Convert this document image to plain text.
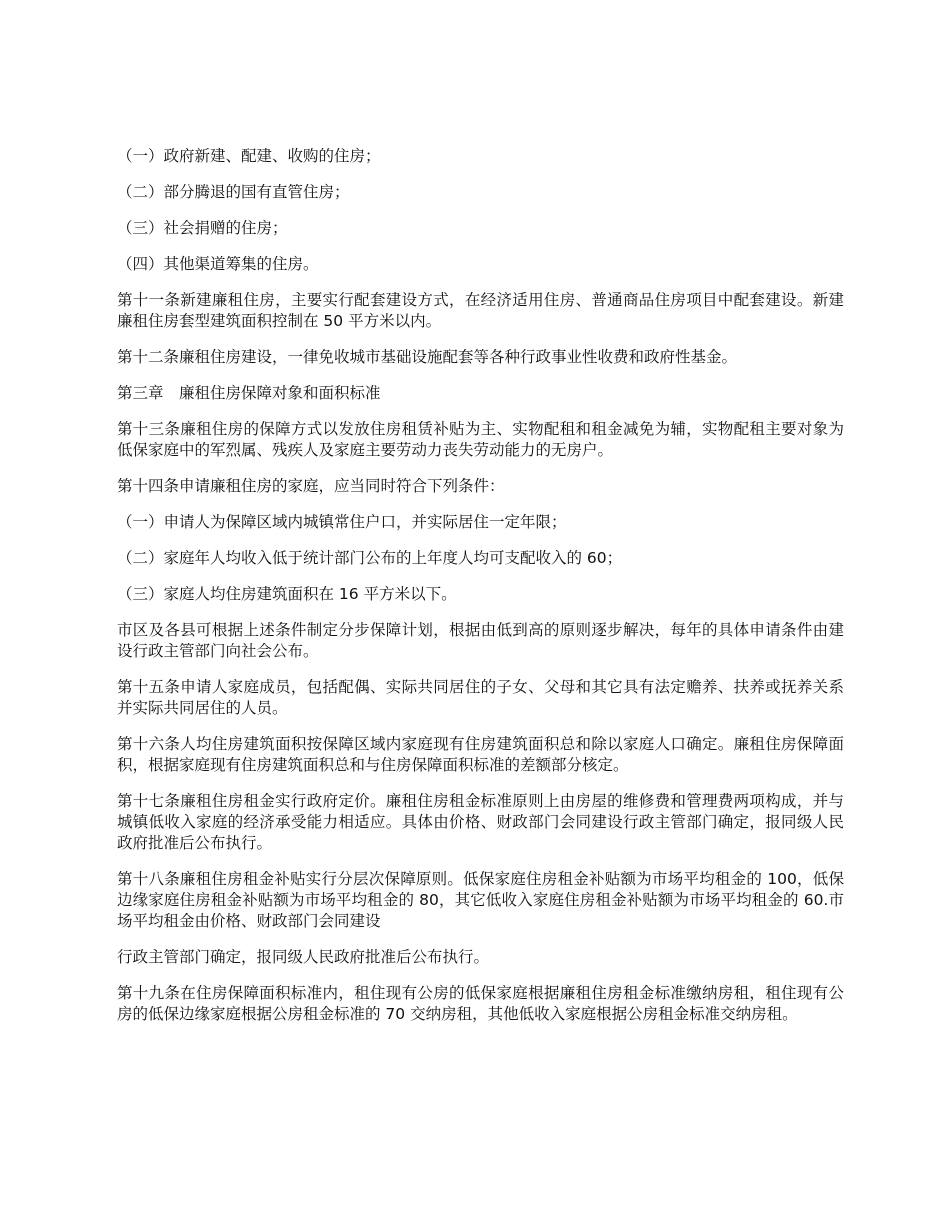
（一）政府新建、配建、收购的住房；

（二）部分腾退的国有直管住房；

（三）社会捐赠的住房；

（四）其他渠道筹集的住房。

第十一条新建廉租住房，主要实行配套建设方式，在经济适用住房、普通商品住房项目中配套建设。新建廉租住房套型建筑面积控制在 50 平方米以内。

第十二条廉租住房建设，一律免收城市基础设施配套等各种行政事业性收费和政府性基金。

第三章　廉租住房保障对象和面积标准

第十三条廉租住房的保障方式以发放住房租赁补贴为主、实物配租和租金减免为辅，实物配租主要对象为低保家庭中的军烈属、残疾人及家庭主要劳动力丧失劳动能力的无房户。

第十四条申请廉租住房的家庭，应当同时符合下列条件：

（一）申请人为保障区域内城镇常住户口，并实际居住一定年限；

（二）家庭年人均收入低于统计部门公布的上年度人均可支配收入的 60；

（三）家庭人均住房建筑面积在 16 平方米以下。

市区及各县可根据上述条件制定分步保障计划，根据由低到高的原则逐步解决，每年的具体申请条件由建设行政主管部门向社会公布。

第十五条申请人家庭成员，包括配偶、实际共同居住的子女、父母和其它具有法定赡养、扶养或抚养关系并实际共同居住的人员。

第十六条人均住房建筑面积按保障区域内家庭现有住房建筑面积总和除以家庭人口确定。廉租住房保障面积，根据家庭现有住房建筑面积总和与住房保障面积标准的差额部分核定。

第十七条廉租住房租金实行政府定价。廉租住房租金标准原则上由房屋的维修费和管理费两项构成，并与城镇低收入家庭的经济承受能力相适应。具体由价格、财政部门会同建设行政主管部门确定，报同级人民政府批准后公布执行。

第十八条廉租住房租金补贴实行分层次保障原则。低保家庭住房租金补贴额为市场平均租金的 100，低保边缘家庭住房租金补贴额为市场平均租金的 80，其它低收入家庭住房租金补贴额为市场平均租金的 60.市场平均租金由价格、财政部门会同建设

行政主管部门确定，报同级人民政府批准后公布执行。

第十九条在住房保障面积标准内，租住现有公房的低保家庭根据廉租住房租金标准缴纳房租，租住现有公房的低保边缘家庭根据公房租金标准的 70 交纳房租，其他低收入家庭根据公房租金标准交纳房租。
